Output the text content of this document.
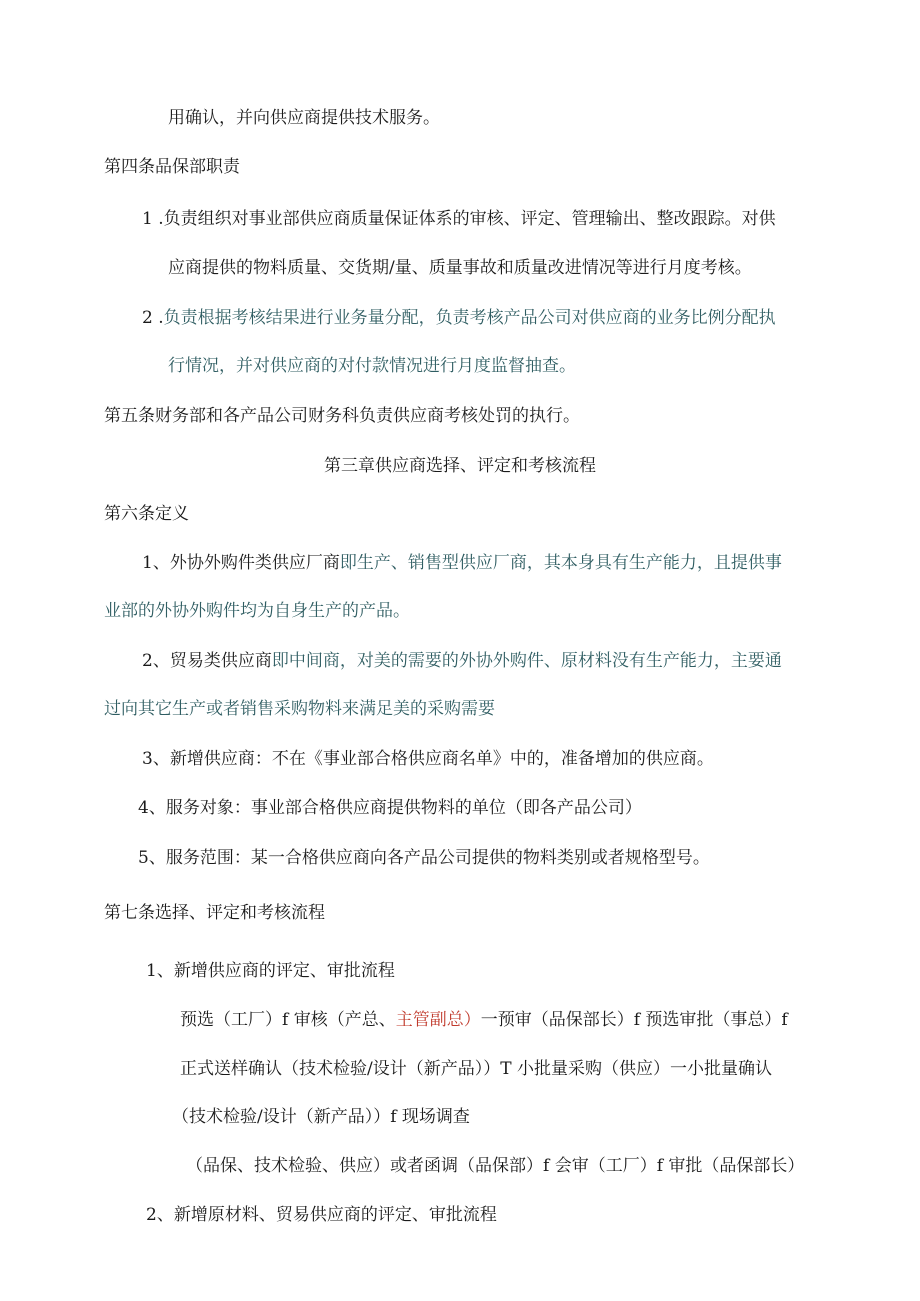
用确认，并向供应商提供技术服务。
第四条品保部职责
1 .负责组织对事业部供应商质量保证体系的审核、评定、管理输出、整改跟踪。对供
应商提供的物料质量、交货期/量、质量事故和质量改进情况等进行月度考核。
2 .负责根据考核结果进行业务量分配，负责考核产品公司对供应商的业务比例分配执
行情况，并对供应商的对付款情况进行月度监督抽查。
第五条财务部和各产品公司财务科负责供应商考核处罚的执行。
第三章供应商选择、评定和考核流程
第六条定义
1、外协外购件类供应厂商即生产、销售型供应厂商，其本身具有生产能力，且提供事
业部的外协外购件均为自身生产的产品。
2、贸易类供应商即中间商，对美的需要的外协外购件、原材料没有生产能力，主要通
过向其它生产或者销售采购物料来满足美的采购需要
3、新增供应商：不在《事业部合格供应商名单》中的，准备增加的供应商。
4、服务对象：事业部合格供应商提供物料的单位（即各产品公司）
5、服务范围：某一合格供应商向各产品公司提供的物料类别或者规格型号。
第七条选择、评定和考核流程
1、新增供应商的评定、审批流程
预选（工厂）f 审核（产总、主管副总）一预审（品保部长）f 预选审批（事总）f
正式送样确认（技术检验/设计（新产品））T 小批量采购（供应）一小批量确认
（技术检验/设计（新产品））f 现场调查
（品保、技术检验、供应）或者函调（品保部）f 会审（工厂）f 审批（品保部长）
2、新增原材料、贸易供应商的评定、审批流程
